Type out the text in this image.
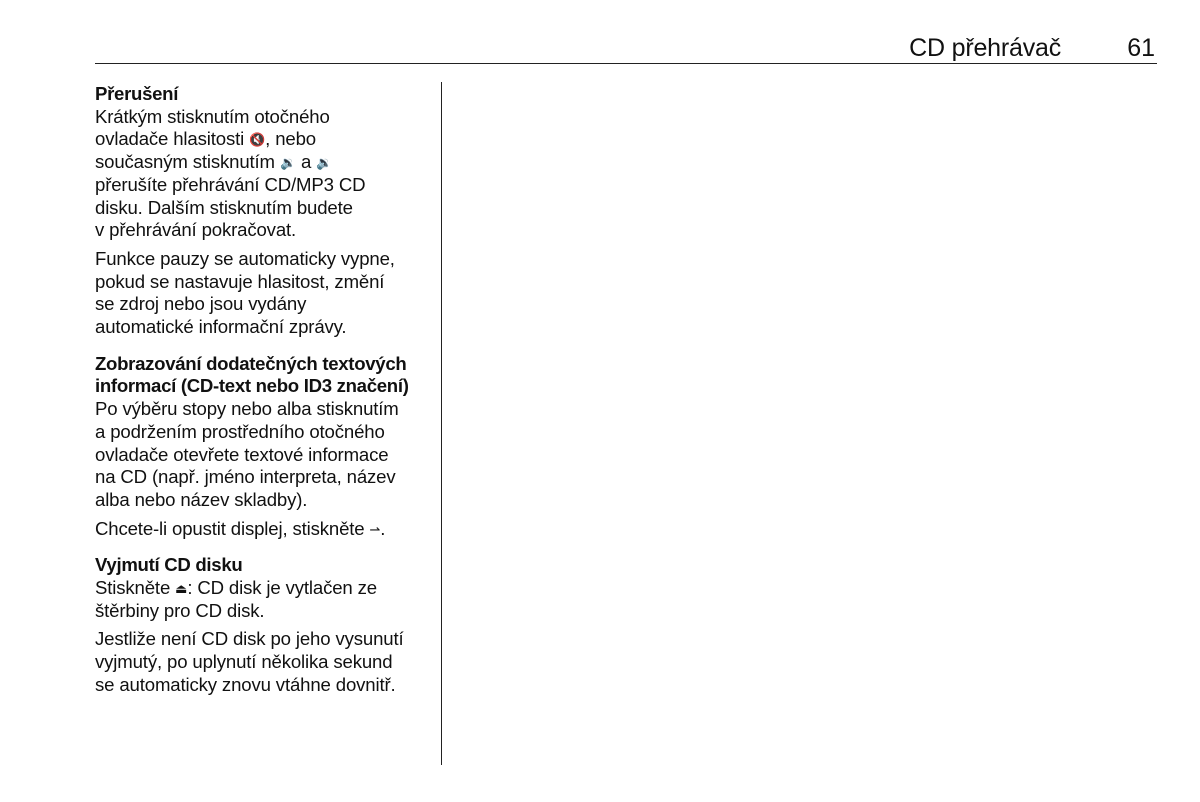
CD přehrávač	61
Přerušení

Krátkým stisknutím otočného
ovladače hlasitosti 🔇, nebo
současným stisknutím 🔉 a 🔉
přerušíte přehrávání CD/MP3 CD
disku. Dalším stisknutím budete
v přehrávání pokračovat.

Funkce pauzy se automaticky vypne,
pokud se nastavuje hlasitost, změní
se zdroj nebo jsou vydány
automatické informační zprávy.

Zobrazování dodatečných textových
informací (CD-text nebo ID3 značení)

Po výběru stopy nebo alba stisknutím
a podržením prostředního otočného
ovladače otevřete textové informace
na CD (např. jméno interpreta, název
alba nebo název skladby).

Chcete-li opustit displej, stiskněte ⇀.

Vyjmutí CD disku

Stiskněte ⏏: CD disk je vytlačen ze
štěrbiny pro CD disk.

Jestliže není CD disk po jeho vysunutí
vyjmutý, po uplynutí několika sekund
se automaticky znovu vtáhne dovnitř.
